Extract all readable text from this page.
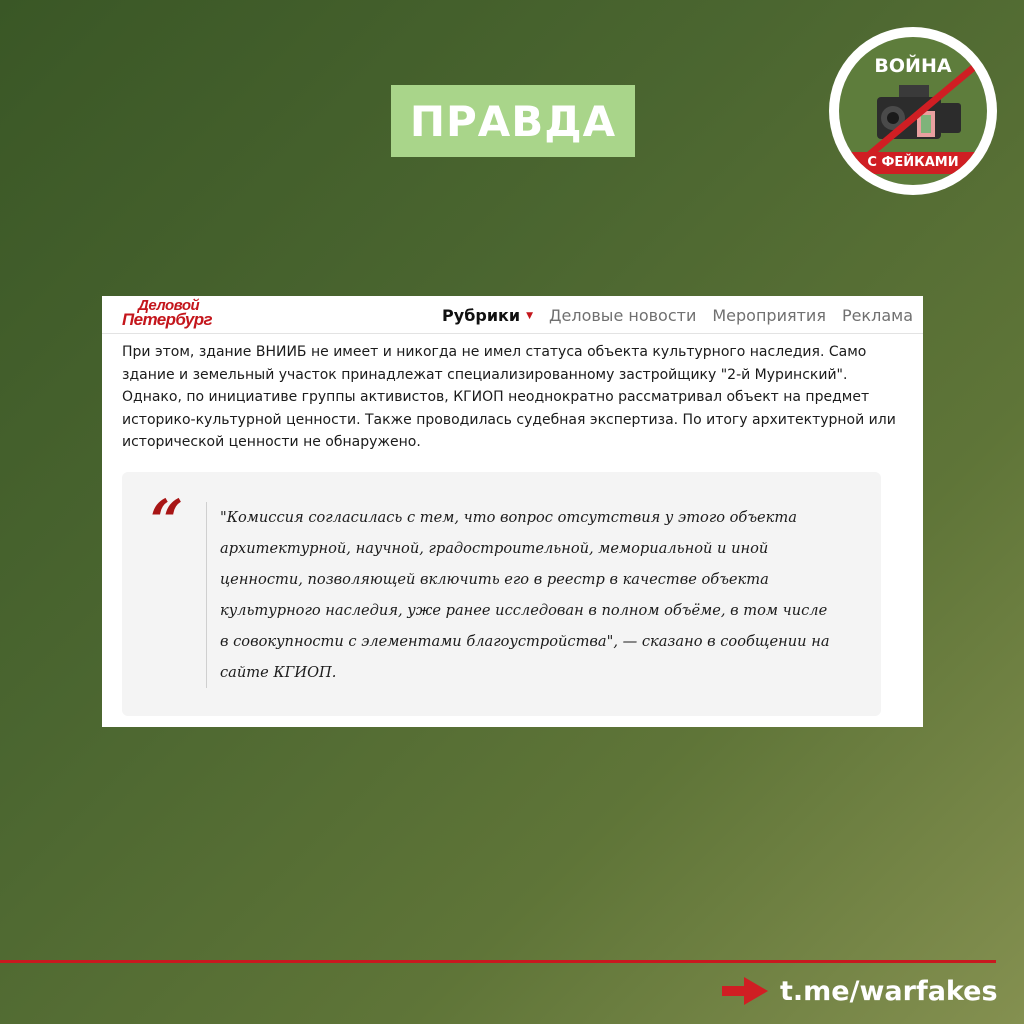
ПРАВДА
ВОЙНА
С ФЕЙКАМИ
Деловой
Петербург	Рубрики ▼ Деловые новости Мероприятия Реклама

При этом, здание ВНИИБ не имеет и никогда не имел статуса объекта культурного наследия. Само здание и земельный участок принадлежат специализированному застройщику "2-й Муринский". Однако, по инициативе группы активистов, КГИОП неоднократно рассматривал объект на предмет историко-культурной ценности. Также проводилась судебная экспертиза. По итогу архитектурной или исторической ценности не обнаружено.

“	"Комиссия согласилась с тем, что вопрос отсутствия у этого объекта архитектурной, научной, градостроительной, мемориальной и иной ценности, позволяющей включить его в реестр в качестве объекта культурного наследия, уже ранее исследован в полном объёме, в том числе в совокупности с элементами благоустройства", — сказано в сообщении на сайте КГИОП.

t.me/warfakes
